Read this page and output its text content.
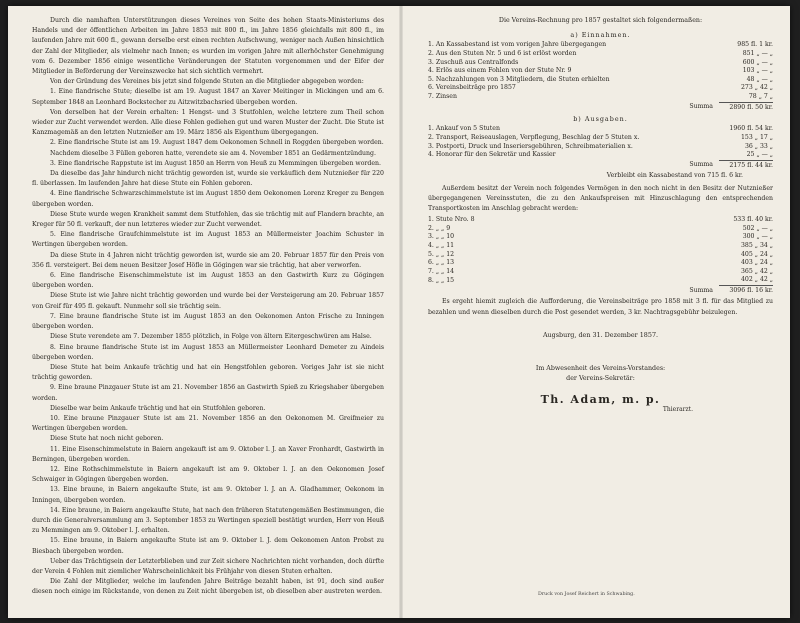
Durch die namhaften Unterstützungen dieses Vereines von Seite des hohen Staats-Ministeriums des Handels und der öffentlichen Arbeiten im Jahre 1853 mit 800 fl., im Jahre 1856 gleichfalls mit 800 fl., im laufenden Jahre mit 600 fl., gewann derselbe erst einen rechten Aufschwung, weniger nach Außen hinsichtlich der Zahl der Mitglieder, als vielmehr nach Innen; es wurden im vorigen Jahre mit allerhöchster Genehmigung vom 6. Dezember 1856 einige wesentliche Veränderungen der Statuten vorgenommen und der Eifer der Mitglieder in Beförderung der Vereinszwecke hat sich sichtlich vermehrt.

Von der Gründung des Vereines bis jetzt sind folgende Stuten an die Mitglieder abgegeben worden:

1. Eine flandrische Stute; dieselbe ist am 19. August 1847 an Xaver Meitinger in Mickingen und am 6. September 1848 an Leonhard Bockstecher zu Aitzwitzbachsried übergeben worden.

Von derselben hat der Verein erhalten: 1 Hengst- und 3 Stutfohlen, welche letztere zum Theil schon wieder zur Zucht verwendet werden. Alle diese Fohlen gediehen gut und waren Muster der Zucht. Die Stute ist Kanzmagemäß an den letzten Nutznießer am 19. März 1856 als Eigenthum übergegangen.

2. Eine flandrische Stute ist am 19. August 1847 dem Oekonomen Schnell in Roggden übergeben worden.

Nachdem dieselbe 3 Füllen geboren hatte, verendete sie am 4. November 1851 an Gedärmentzündung.

3. Eine flandrische Rappstute ist im August 1850 an Herrn von Heuß zu Memmingen übergeben worden.

Da dieselbe das Jahr hindurch nicht trächtig geworden ist, wurde sie verkäuflich dem Nutznießer für 220 fl. überlassen. Im laufenden Jahre hat diese Stute ein Fohlen geboren.

4. Eine flandrische Schwarzschimmelstute ist im August 1850 dem Oekonomen Lorenz Kreger zu Bengen übergeben worden.

Diese Stute wurde wegen Krankheit sammt dem Stutfohlen, das sie trächtig mit auf Flandern brachte, an Kreger für 50 fl. verkauft, der nun letzteres wieder zur Zucht verwendet.

5. Eine flandrische Graufchimmelstute ist im August 1853 an Müllermeister Joachim Schuster in Wertingen übergeben worden.

Da diese Stute in 4 Jahren nicht trächtig geworden ist, wurde sie am 20. Februar 1857 für den Preis von 356 fl. versteigert. Bei dem neuen Besitzer Josef Höfle in Gögingen war sie trächtig, hat aber verworfen.

6. Eine flandrische Eisenschimmelstute ist im August 1853 an den Gastwirth Kurz zu Gögingen übergeben worden.

Diese Stute ist wie Jahre nicht trächtig geworden und wurde bei der Versteigerung am 20. Februar 1857 von Greif für 495 fl. gekauft. Nunmehr soll sie trächtig sein.

7. Eine braune flandrische Stute ist im August 1853 an den Oekonomen Anton Frische zu Inningen übergeben worden.

Diese Stute verendete am 7. Dezember 1855 plötzlich, in Folge von ältern Eitergeschwüren am Halse.

8. Eine braune flandrische Stute ist im August 1853 an Müllermeister Leonhard Demeter zu Aindeis übergeben worden.

Diese Stute hat beim Ankaufe trächtig und hat ein Hengstfohlen geboren. Voriges Jahr ist sie nicht trächtig geworden.

9. Eine braune Pinzgauer Stute ist am 21. November 1856 an Gastwirth Spieß zu Kriegshaber übergeben worden.

Dieselbe war beim Ankaufe trächtig und hat ein Stutfohlen geboren.

10. Eine braune Pinzgauer Stute ist am 21. November 1856 an den Oekonomen M. Greifmeier zu Wertingen übergeben worden.

Diese Stute hat noch nicht geboren.

11. Eine Eisenschimmelstute in Baiern angekauft ist am 9. Oktober l. J. an Xaver Fronhardt, Gastwirth in Berningen, übergeben worden.

12. Eine Rothschimmelstute in Baiern angekauft ist am 9. Oktober l. J. an den Oekonomen Josef Schwaiger in Gögingen übergeben worden.

13. Eine braune, in Baiern angekaufte Stute, ist am 9. Oktober l. J. an A. Gladhammer, Oekonom in Inningen, übergeben worden.

14. Eine braune, in Baiern angekaufte Stute, hat nach den früheren Statutengemäßen Bestimmungen, die durch die Generalversammlung am 3. September 1853 zu Wertingen speziell bestätigt wurden, Herr von Heuß zu Memmingen am 9. Oktober l. J. erhalten.

15. Eine braune, in Baiern angekaufte Stute ist am 9. Oktober l. J. dem Oekonomen Anton Probst zu Biesbach übergeben worden.

Ueber das Trächtigsein der Letzterblieben und zur Zeit sichere Nachrichten nicht vorhanden, doch dürfte der Verein 4 Fohlen mit ziemlicher Wahrscheinlichkeit bis Frühjahr von diesen Stuten erhalten.

Die Zahl der Mitglieder, welche im laufenden Jahre Beiträge bezahlt haben, ist 91, doch sind außer diesen noch einige im Rückstande, von denen zu Zeit nicht übergeben ist, ob dieselben aber austreten werden.

Die Vereins-Rechnung pro 1857 gestaltet sich folgendermaßen:

a) Einnahmen.

1. An Kassabestand ist vom vorigen Jahre übergegangen	985 fl. 1 kr.
2. Aus den Stuten Nr. 5 und 6 ist erlöst worden	851 „ — „
3. Zuschuß aus Centralfonds	600 „ — „
4. Erlös aus einem Fohlen von der Stute Nr. 9	103 „ — „
5. Nachzahlungen von 3 Mitgliedern, die Stuten erhielten	48 „ — „
6. Vereinsbeiträge pro 1857	273 „ 42 „
7. Zinsen	78 „ 7 „
Summa	2890 fl. 50 kr.

b) Ausgaben.

1. Ankauf von 5 Stuten	1960 fl. 54 kr.
2. Transport, Reiseauslagen, Verpflegung, Beschlag der 5 Stuten x.	153 „ 17 „
3. Postporti, Druck und Inseriersgebühren, Schreibmaterialien x.	36 „ 33 „
4. Honorar für den Sekretär und Kassier	25 „ — „
Summa	2175 fl. 44 kr.

Verbleibt ein Kassabestand von 715 fl. 6 kr.

Außerdem besitzt der Verein noch folgendes Vermögen in den noch nicht in den Besitz der Nutznießer übergegangenen Vereinsstuten, die zu den Ankaufspreisen mit Hinzuschlagung den entsprechenden Transportkosten im Anschlag gebracht werden:

1. Stute Nro. 8	533 fl. 40 kr.
2. „ „ 9	502 „ — „
3. „ „ 10	300 „ — „
4. „ „ 11	385 „ 34 „
5. „ „ 12	405 „ 24 „
6. „ „ 13	403 „ 24 „
7. „ „ 14	365 „ 42 „
8. „ „ 15	402 „ 42 „
Summa	3096 fl. 16 kr.

Es ergeht hiemit zugleich die Aufforderung, die Vereinsbeiträge pro 1858 mit 3 fl. für das Mitglied zu bezahlen und wenn dieselben durch die Post gesendet werden, 3 kr. Nachtragsgebühr beizulegen.

Augsburg, den 31. Dezember 1857.

Im Abwesenheit des Vereins-Vorstandes:

der Vereins-Sekretär:

Th. Adam, m. p.

Thierarzt.

Druck von Josef Reichert in Schwabing.
